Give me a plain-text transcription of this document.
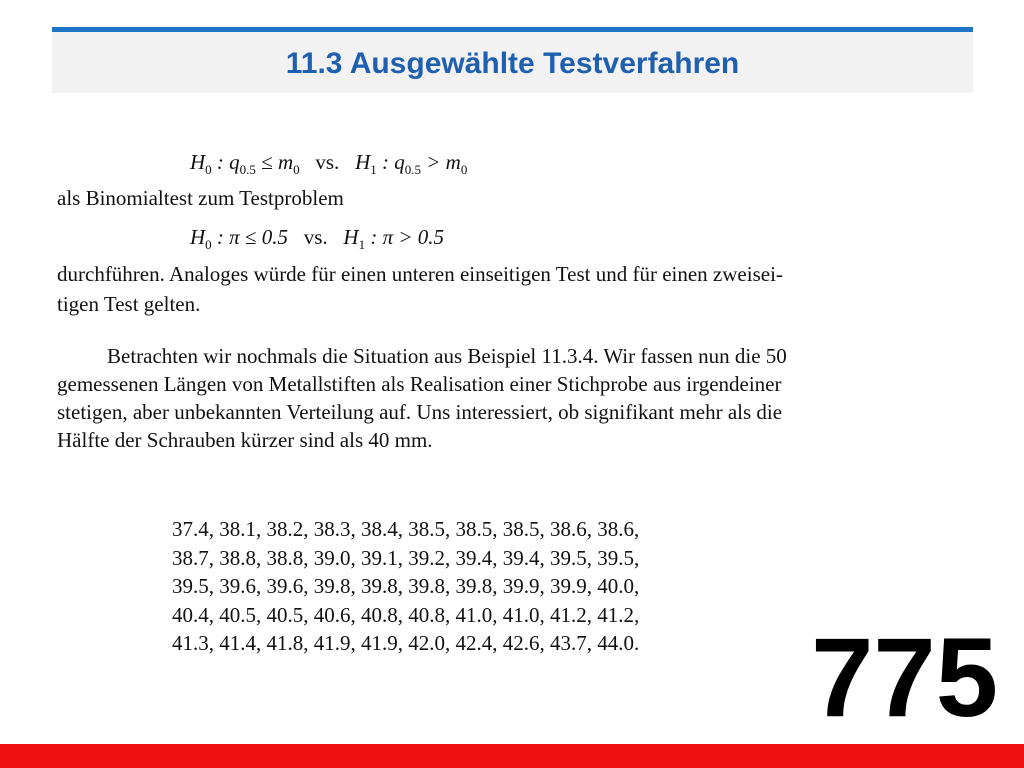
11.3 Ausgewählte Testverfahren
$H_0$ : $q_{0.5} \le m_0$ vs. $H_1$ : $q_{0.5} > m_0$
als Binomialtest zum Testproblem
$H_0$ : π ≤ 0.5 vs. $H_1$ : π > 0.5
durchführen. Analoges würde für einen unteren einseitigen Test und für einen zweisei-
tigen Test gelten.

Betrachten wir nochmals die Situation aus Beispiel 11.3.4. Wir fassen nun die 50

gemessenen Längen von Metallstiften als Realisation einer Stichprobe aus irgendeiner

stetigen, aber unbekannten Verteilung auf. Uns interessiert, ob signifikant mehr als die

Hälfte der Schrauben kürzer sind als 40 mm.

37.4, 38.1, 38.2, 38.3, 38.4, 38.5, 38.5, 38.5, 38.6, 38.6,
38.7, 38.8, 38.8, 39.0, 39.1, 39.2, 39.4, 39.4, 39.5, 39.5,
39.5, 39.6, 39.6, 39.8, 39.8, 39.8, 39.8, 39.9, 39.9, 40.0,
40.4, 40.5, 40.5, 40.6, 40.8, 40.8, 41.0, 41.0, 41.2, 41.2,
41.3, 41.4, 41.8, 41.9, 41.9, 42.0, 42.4, 42.6, 43.7, 44.0. 775
